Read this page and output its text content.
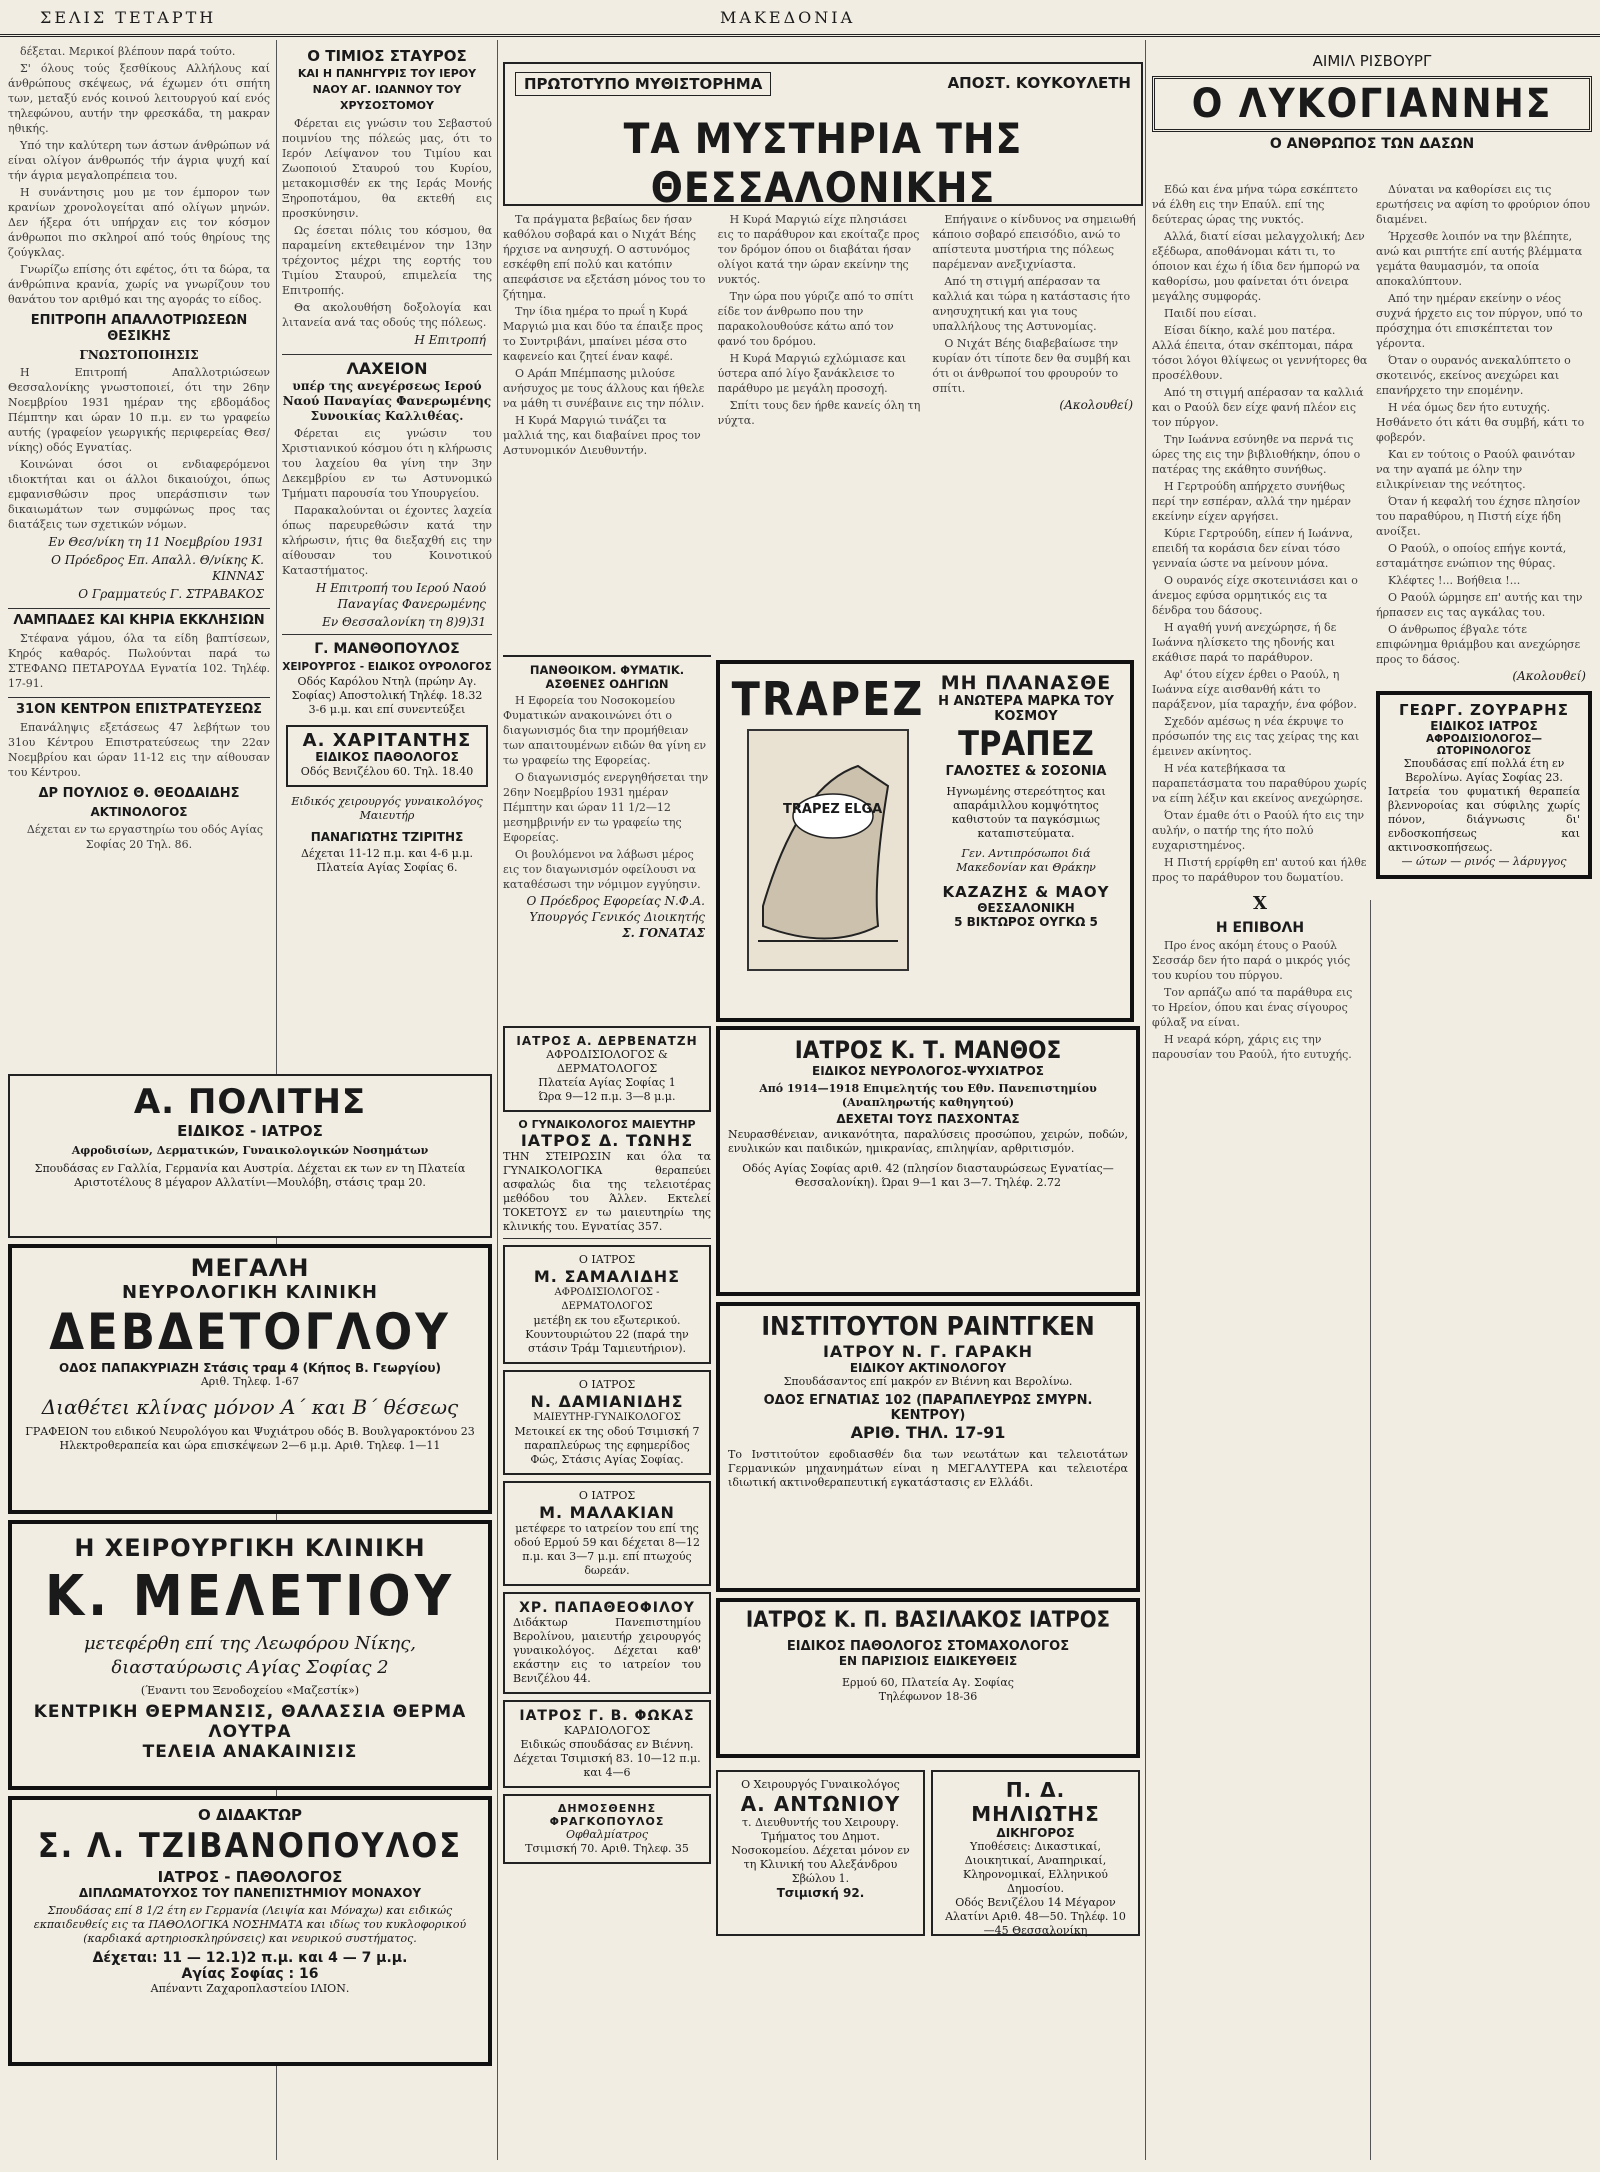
ΣΕΛΙΣ ΤΕΤΑΡΤΗ	ΜΑΚΕΔΟΝΙΑ

δέξεται. Μερικοί βλέπουν παρά τούτο.

Σ' όλους τούς ξεσθίκους Αλλήλους καί άνθρώπους σκέψεως, νά έχωμεν ότι σπήτη των, μεταξύ ενός κοινού λειτουργού καί ενός τηλεφώνου, αυτήν την φρεσκάδα, τη μακραν ηθικής.

Υπό την καλύτερη των άστων άνθρώπων νά είναι ολίγον άνθρωπός τήν άγρια ψυχή καί τήν άγρια μεγαλοπρέπεια του.

Η συνάντησις μου με τον έμπορον των κρανίων χρονολογείται από ολίγων μηνών. Δεν ήξερα ότι υπήρχαν εις τον κόσμον άνθρωποι πιο σκληροί από τούς θηρίους της ζούγκλας.

Γνωρίζω επίσης ότι εφέτος, ότι τα δώρα, τα άνθρώπινα κρανία, χωρίς να γνωρίζουν του θανάτου τον αριθμό και της αγοράς το είδος.

ΕΠΙΤΡΟΠΗ ΑΠΑΛΛΟΤΡΙΩΣΕΩΝ ΘΕΣΙΚΗΣ
ΓΝΩΣΤΟΠΟΙΗΣΙΣ

Η Επιτροπή Απαλλοτριώσεων Θεσσαλονίκης γνωστοποιεί, ότι την 26ην Νοεμβρίου 1931 ημέραν της εβδομάδος Πέμπτην και ώραν 10 π.μ. εν τω γραφείω αυτής (γραφείον γεωργικής περιφερείας Θεσ/νίκης) οδός Εγνατίας.

Κοινώναι όσοι οι ενδιαφερόμενοι ιδιοκτήται και οι άλλοι δικαιούχοι, όπως εμφανισθώσιν προς υπεράσπισιν των δικαιωμάτων των συμφώνως προς τας διατάξεις των σχετικών νόμων.

Εν Θεσ/νίκη τη 11 Νοεμβρίου 1931
Ο Πρόεδρος Επ. Απαλλ. Θ/νίκης Κ. ΚΙΝΝΑΣ
Ο Γραμματεύς Γ. ΣΤΡΑΒΑΚΟΣ
ΛΑΜΠΑΔΕΣ ΚΑΙ ΚΗΡΙΑ ΕΚΚΛΗΣΙΩΝ

Στέφανα γάμου, όλα τα είδη βαπτίσεων, Κηρός καθαρός. Πωλούνται παρά τω ΣΤΕΦΑΝΩ ΠΕΤΑΡΟΥΔΑ Εγνατία 102. Τηλέφ. 17-91.

31ΟΝ ΚΕΝΤΡΟΝ ΕΠΙΣΤΡΑΤΕΥΣΕΩΣ

Επανάληψις εξετάσεως 47 λεβήτων του 31ου Κέντρου Επιστρατεύσεως την 22αν Νοεμβρίου και ώραν 11-12 εις την αίθουσαν του Κέντρου.

ΔΡ ΠΟΥΛΙΟΣ Θ. ΘΕΟΔΑΙΔΗΣ
ΑΚΤΙΝΟΛΟΓΟΣ

Δέχεται εν τω εργαστηρίω του οδός Αγίας Σοφίας 20 Τηλ. 86.

Ο ΤΙΜΙΟΣ ΣΤΑΥΡΟΣ
ΚΑΙ Η ΠΑΝΗΓΥΡΙΣ ΤΟΥ ΙΕΡΟΥ ΝΑΟΥ ΑΓ. ΙΩΑΝΝΟΥ ΤΟΥ ΧΡΥΣΟΣΤΟΜΟΥ

Φέρεται εις γνώσιν του Σεβαστού ποιμνίου της πόλεώς μας, ότι το Ιερόν Λείψανον του Τιμίου και Ζωοποιού Σταυρού του Κυρίου, μετακομισθέν εκ της Ιεράς Μονής Ξηροποτάμου, θα εκτεθή εις προσκύνησιν.

Ως έσεται πόλις του κόσμου, θα παραμείνη εκτεθειμένον την 13ην τρέχοντος μέχρι της εορτής του Τιμίου Σταυρού, επιμελεία της Επιτροπής.

Θα ακολουθήση δοξολογία και λιτανεία ανά τας οδούς της πόλεως.

Η Επιτροπή
ΛΑΧΕΙΟΝ
υπέρ της ανεγέρσεως Ιερού Ναού Παναγίας Φανερωμένης Συνοικίας Καλλιθέας.

Φέρεται εις γνώσιν του Χριστιανικού κόσμου ότι η κλήρωσις του λαχείου θα γίνη την 3ην Δεκεμβρίου εν τω Αστυνομικώ Τμήματι παρουσία του Υπουργείου.

Παρακαλούνται οι έχοντες λαχεία όπως παρευρεθώσιν κατά την κλήρωσιν, ήτις θα διεξαχθή εις την αίθουσαν του Κοινοτικού Καταστήματος.

Η Επιτροπή του Ιερού Ναού Παναγίας Φανερωμένης
Εν Θεσσαλονίκη τη 8)9)31
Γ. ΜΑΝΘΟΠΟΥΛΟΣ
ΧΕΙΡΟΥΡΓΟΣ - ΕΙΔΙΚΟΣ ΟΥΡΟΛΟΓΟΣ
Οδός Καρόλου Ντηλ (πρώην Αγ. Σοφίας) Αποστολική Τηλέφ. 18.32
3-6 μ.μ. και επί συνεντεύξει
Α. ΧΑΡΙΤΑΝΤΗΣ
ΕΙΔΙΚΟΣ ΠΑΘΟΛΟΓΟΣ
Οδός Βενιζέλου 60. Τηλ. 18.40
Ειδικός χειρουργός γυναικολόγος Μαιευτήρ
ΠΑΝΑΓΙΩΤΗΣ ΤΖΙΡΙΤΗΣ
Δέχεται 11-12 π.μ. και 4-6 μ.μ. Πλατεία Αγίας Σοφίας 6.
Α. ΠΟΛΙΤΗΣ
ΕΙΔΙΚΟΣ - ΙΑΤΡΟΣ
Αφροδισίων, Δερματικών, Γυναικολογικών Νοσημάτων
Σπουδάσας εν Γαλλία, Γερμανία και Αυστρία. Δέχεται εκ των εν τη Πλατεία Αριστοτέλους 8 μέγαρον Αλλατίνι—Μουλόβη, στάσις τραμ 20.
ΜΕΓΑΛΗ
ΝΕΥΡΟΛΟΓΙΚΗ ΚΛΙΝΙΚΗ
ΔΕΒΔΕΤΟΓΛΟΥ
ΟΔΟΣ ΠΑΠΑΚΥΡΙΑΖΗ Στάσις τραμ 4 (Κήπος Β. Γεωργίου)
Αριθ. Τηλεφ. 1-67
Διαθέτει κλίνας μόνον Α΄ και Β΄ θέσεως
ΓΡΑΦΕΙΟΝ του ειδικού Νευρολόγου και Ψυχιάτρου οδός Β. Βουλγαροκτόνου 23
Ηλεκτροθεραπεία και ώρα επισκέψεων 2—6 μ.μ. Αριθ. Τηλεφ. 1—11
Η ΧΕΙΡΟΥΡΓΙΚΗ ΚΛΙΝΙΚΗ
Κ. ΜΕΛΕΤΙΟΥ
μετεφέρθη επί της Λεωφόρου Νίκης, διασταύρωσις Αγίας Σοφίας 2
(Έναντι του Ξενοδοχείου «Μαζεστίκ»)
ΚΕΝΤΡΙΚΗ ΘΕΡΜΑΝΣΙΣ, ΘΑΛΑΣΣΙΑ ΘΕΡΜΑ ΛΟΥΤΡΑ
ΤΕΛΕΙΑ ΑΝΑΚΑΙΝΙΣΙΣ
Ο ΔΙΔΑΚΤΩΡ
Σ. Λ. ΤΖΙΒΑΝΟΠΟΥΛΟΣ
ΙΑΤΡΟΣ - ΠΑΘΟΛΟΓΟΣ
ΔΙΠΛΩΜΑΤΟΥΧΟΣ ΤΟΥ ΠΑΝΕΠΙΣΤΗΜΙΟΥ ΜΟΝΑΧΟΥ
Σπουδάσας επί 8 1/2 έτη εν Γερμανία (Λειψία και Μόναχω) και ειδικώς εκπαιδευθείς εις τα ΠΑΘΟΛΟΓΙΚΑ ΝΟΣΗΜΑΤΑ και ιδίως του κυκλοφορικού (καρδιακά αρτηριοσκληρύνσεις) και νευρικού συστήματος.
Δέχεται: 11 — 12.1)2 π.μ. και 4 — 7 μ.μ.
Αγίας Σοφίας : 16
Απέναντι Ζαχαροπλαστείου ΙΛΙΟΝ.
ΠΡΩΤΟΤΥΠΟ ΜΥΘΙΣΤΟΡΗΜΑ	ΑΠΟΣΤ. ΚΟΥΚΟΥΛΕΤΗ
ΤΑ ΜΥΣΤΗΡΙΑ ΤΗΣ ΘΕΣΣΑΛΟΝΙΚΗΣ

Τα πράγματα βεβαίως δεν ήσαν καθόλου σοβαρά και ο Νιχάτ Βέης ήρχισε να ανησυχή. Ο αστυνόμος εσκέφθη επί πολύ και κατόπιν απεφάσισε να εξετάση μόνος του το ζήτημα.

Την ίδια ημέρα το πρωΐ η Κυρά Μαργιώ μια και δύο τα έπαιξε προς το Συντριβάνι, μπαίνει μέσα στο καφενείο και ζητεί έναν καφέ.

Ο Αράπ Μπέμπασης μιλούσε ανήσυχος με τους άλλους και ήθελε να μάθη τι συνέβαινε εις την πόλιν.

Η Κυρά Μαργιώ τινάζει τα μαλλιά της, και διαβαίνει προς τον Αστυνομικόν Διευθυντήν.

Η Κυρά Μαργιώ είχε πλησιάσει εις το παράθυρον και εκοίταζε προς τον δρόμον όπου οι διαβάται ήσαν ολίγοι κατά την ώραν εκείνην της νυκτός.

Την ώρα που γύριζε από το σπίτι είδε τον άνθρωπο που την παρακολουθούσε κάτω από τον φανό του δρόμου.

Η Κυρά Μαργιώ εχλώμιασε και ύστερα από λίγο ξανάκλεισε το παράθυρο με μεγάλη προσοχή.

Σπίτι τους δεν ήρθε κανείς όλη τη νύχτα.

Επήγαινε ο κίνδυνος να σημειωθή κάποιο σοβαρό επεισόδιο, ανώ το απίστευτα μυστήρια της πόλεως παρέμεναν ανεξιχνίαστα.

Από τη στιγμή απέρασαν τα καλλιά και τώρα η κατάστασις ήτο ανησυχητική και για τους υπαλλήλους της Αστυνομίας.

Ο Νιχάτ Βέης διαβεβαίωσε την κυρίαν ότι τίποτε δεν θα συμβή και ότι οι άνθρωποί του φρουρούν το σπίτι.

(Ακολουθεί)
ΠΑΝΘΟΙΚΟΜ. ΦΥΜΑΤΙΚ. ΑΣΘΕΝΕΣ ΟΔΗΓΙΩΝ

Η Εφορεία του Νοσοκομείου Φυματικών ανακοινώνει ότι ο διαγωνισμός δια την προμήθειαν των απαιτουμένων ειδών θα γίνη εν τω γραφείω της Εφορείας.

Ο διαγωνισμός ενεργηθήσεται την 26ην Νοεμβρίου 1931 ημέραν Πέμπτην και ώραν 11 1/2—12 μεσημβρινήν εν τω γραφείω της Εφορείας.

Οι βουλόμενοι να λάβωσι μέρος εις τον διαγωνισμόν οφείλουσι να καταθέσωσι την νόμιμον εγγύησιν.

Ο Πρόεδρος Εφορείας Ν.Φ.Α.
Υπουργός Γενικός Διοικητής
Σ. ΓΟΝΑΤΑΣ
TRAPEZ
TRAPEZ ELGA
ΜΗ ΠΛΑΝΑΣΘΕ
Η ΑΝΩΤΕΡΑ ΜΑΡΚΑ ΤΟΥ ΚΟΣΜΟΥ
ΤΡΑΠΕΖ
ΓΑΛΟΣΤΕΣ & ΣΟΣΟΝΙΑ
Ηγνωμένης στερεότητος και απαράμιλλου κομψότητος καθιστούν τα παγκόσμιως καταπιστεύματα.
Γεν. Αντιπρόσωποι διά Μακεδονίαν και Θράκην
ΚΑΖΑΖΗΣ & ΜΑΟΥ
ΘΕΣΣΑΛΟΝΙΚΗ
5 ΒΙΚΤΩΡΟΣ ΟΥΓΚΩ 5
ΙΑΤΡΟΣ Α. ΔΕΡΒΕΝΑΤΖΗ
ΑΦΡΟΔΙΣΙΟΛΟΓΟΣ & ΔΕΡΜΑΤΟΛΟΓΟΣ
Πλατεία Αγίας Σοφίας 1
Ώρα 9—12 π.μ. 3—8 μ.μ.
Ο ΓΥΝΑΙΚΟΛΟΓΟΣ ΜΑΙΕΥΤΗΡ
ΙΑΤΡΟΣ Δ. ΤΩΝΗΣ
ΤΗΝ ΣΤΕΙΡΩΣΙΝ και όλα τα ΓΥΝΑΙΚΟΛΟΓΙΚΑ θεραπεύει ασφαλώς δια της τελειοτέρας μεθόδου του Άλλεν. Εκτελεί ΤΟΚΕΤΟΥΣ εν τω μαιευτηρίω της κλινικής του. Εγνατίας 357.
Ο ΙΑΤΡΟΣ
Μ. ΣΑΜΑΛΙΔΗΣ
ΑΦΡΟΔΙΣΙΟΛΟΓΟΣ - ΔΕΡΜΑΤΟΛΟΓΟΣ
μετέβη εκ του εξωτερικού. Κουντουριώτου 22 (παρά την στάσιν Τράμ Ταμιευτήριον).
Ο ΙΑΤΡΟΣ
Ν. ΔΑΜΙΑΝΙΔΗΣ
ΜΑΙΕΥΤΗΡ-ΓΥΝΑΙΚΟΛΟΓΟΣ
Μετοικεί εκ της οδού Τσιμισκή 7 παραπλεύρως της εφημερίδος Φώς, Στάσις Αγίας Σοφίας.
Ο ΙΑΤΡΟΣ
Μ. ΜΑΛΑΚΙΑΝ
μετέφερε το ιατρείον του επί της οδού Ερμού 59 και δέχεται 8—12 π.μ. και 3—7 μ.μ. επί πτωχούς δωρεάν.
ΧΡ. ΠΑΠΑΘΕΟΦΙΛΟΥ
Διδάκτωρ Πανεπιστημίου Βερολίνου, μαιευτήρ χειρουργός γυναικολόγος. Δέχεται καθ' εκάστην εις το ιατρείον του Βενιζέλου 44.
ΙΑΤΡΟΣ Γ. Β. ΦΩΚΑΣ
ΚΑΡΔΙΟΛΟΓΟΣ
Ειδικώς σπουδάσας εν Βιέννη. Δέχεται Τσιμισκή 83. 10—12 π.μ. και 4—6
ΔΗΜΟΣΘΕΝΗΣ ΦΡΑΓΚΟΠΟΥΛΟΣ
Οφθαλμίατρος
Τσιμισκή 70. Αριθ. Τηλεφ. 35
ΙΑΤΡΟΣ Κ. Τ. ΜΑΝΘΟΣ
ΕΙΔΙΚΟΣ ΝΕΥΡΟΛΟΓΟΣ-ΨΥΧΙΑΤΡΟΣ
Από 1914—1918 Επιμελητής του Εθν. Πανεπιστημίου (Αναπληρωτής καθηγητού)
ΔΕΧΕΤΑΙ ΤΟΥΣ ΠΑΣΧΟΝΤΑΣ
Νευρασθένειαν, ανικανότητα, παραλύσεις προσώπου, χειρών, ποδών, ενυλικών και παιδικών, ημικρανίας, επιληψίαν, αρθριτισμόν.
Οδός Αγίας Σοφίας αριθ. 42 (πλησίον διασταυρώσεως Εγνατίας—Θεσσαλονίκη). Ώραι 9—1 και 3—7. Τηλέφ. 2.72
ΙΝΣΤΙΤΟΥΤΟΝ ΡΑΙΝΤΓΚΕΝ
ΙΑΤΡΟΥ Ν. Γ. ΓΑΡΑΚΗ
ΕΙΔΙΚΟΥ ΑΚΤΙΝΟΛΟΓΟΥ
Σπουδάσαντος επί μακρόν εν Βιέννη και Βερολίνω.
ΟΔΟΣ ΕΓΝΑΤΙΑΣ 102 (ΠΑΡΑΠΛΕΥΡΩΣ ΣΜΥΡΝ. ΚΕΝΤΡΟΥ)
ΑΡΙΘ. ΤΗΛ. 17-91
Το Ινστιτούτον εφοδιασθέν δια των νεωτάτων και τελειοτάτων Γερμανικών μηχανημάτων είναι η ΜΕΓΑΛΥΤΕΡΑ και τελειοτέρα ιδιωτική ακτινοθεραπευτική εγκατάστασις εν Ελλάδι.
ΙΑΤΡΟΣ Κ. Π. ΒΑΣΙΛΑΚΟΣ ΙΑΤΡΟΣ
ΕΙΔΙΚΟΣ ΠΑΘΟΛΟΓΟΣ ΣΤΟΜΑΧΟΛΟΓΟΣ
ΕΝ ΠΑΡΙΣΙΟΙΣ ΕΙΔΙΚΕΥΘΕΙΣ
Ερμού 60, Πλατεία Αγ. Σοφίας
Τηλέφωνον 18-36
Ο Χειρουργός Γυναικολόγος
Α. ΑΝΤΩΝΙΟΥ
τ. Διευθυντής του Χειρουργ. Τμήματος του Δημοτ. Νοσοκομείου. Δέχεται μόνον εν τη Κλινική του Αλεξάνδρου Σβώλου 1.
Τσιμισκή 92.
Π. Δ. ΜΗΛΙΩΤΗΣ
ΔΙΚΗΓΟΡΟΣ
Υποθέσεις: Δικαστικαί, Διοικητικαί, Αναπηρικαί, Κληρονομικαί, Ελληνικού Δημοσίου.
Οδός Βενιζέλου 14 Μέγαρον Αλατίνι Αριθ. 48—50. Τηλέφ. 10—45 Θεσσαλονίκη
ΑΙΜΙΛ ΡΙΣΒΟΥΡΓ
Ο ΛΥΚΟΓΙΑΝΝΗΣ
Ο ΑΝΘΡΩΠΟΣ ΤΩΝ ΔΑΣΩΝ

Εδώ και ένα μήνα τώρα εσκέπτετο νά έλθη εις την Επαύλ. επί της δεύτερας ώρας της νυκτός.

Αλλά, διατί είσαι μελαγχολική; Δεν εξέδωρα, αποθάνομαι κάτι τι, το όποιον και έχω ή ίδια δεν ήμπορώ να καθορίσω, μου φαίνεται ότι όνειρα μεγάλης συμφοράς.

Παιδί που είσαι.

Είσαι δίκηο, καλέ μου πατέρα. Αλλά έπειτα, όταν σκέπτομαι, πάρα τόσοι λόγοι θλίψεως οι γεννήτορες θα προσέλθουν.

Από τη στιγμή απέρασαν τα καλλιά και ο Ραούλ δεν είχε φανή πλέον εις τον πύργον.

Την Ιωάννα εσύνηθε να περνά τις ώρες της εις την βιβλιοθήκην, όπου ο πατέρας της εκάθητο συνήθως.

Η Γερτρούδη απήρχετο συνήθως περί την εσπέραν, αλλά την ημέραν εκείνην είχεν αργήσει.

Κύριε Γερτρούδη, είπεν ή Ιωάννα, επειδή τα κοράσια δεν είναι τόσο γενναία ώστε να μείνουν μόνα.

Ο ουρανός είχε σκοτεινιάσει και ο άνεμος εφύσα ορμητικός εις τα δένδρα του δάσους.

Η αγαθή γυνή ανεχώρησε, ή δε Ιωάννα ηλίσκετο της ηδονής και εκάθισε παρά το παράθυρον.

Αφ' ότου είχεν έρθει ο Ραούλ, η Ιωάννα είχε αισθανθή κάτι το παράξενον, μία ταραχήν, ένα φόβον.

Σχεδόν αμέσως η νέα έκρυψε το πρόσωπόν της εις τας χείρας της και έμεινεν ακίνητος.

Η νέα κατεβήκασα τα παραπετάσματα του παραθύρου χωρίς να είπη λέξιν και εκείνος ανεχώρησε.

Όταν έμαθε ότι ο Ραούλ ήτο εις την αυλήν, ο πατήρ της ήτο πολύ ευχαριστημένος.

Η Πιστή ερρίφθη επ' αυτού και ήλθε προς το παράθυρον του δωματίου.

X
Η ΕΠΙΒΟΛΗ

Προ ένος ακόμη έτους ο Ραούλ Σεσσάρ δεν ήτο παρά ο μικρός γιός του κυρίου του πύργου.

Τον αρπάζω από τα παράθυρα εις το Ηρείον, όπου και ένας σίγουρος φύλαξ να είναι.

Η νεαρά κόρη, χάρις εις την παρουσίαν του Ραούλ, ήτο ευτυχής.

Δύναται να καθορίσει εις τις ερωτήσεις να αφίση το φρούριον όπου διαμένει.

Ήρχεσθε λοιπόν να την βλέπητε, ανώ και ριπτήτε επί αυτής βλέμματα γεμάτα θαυμασμόν, τα οποία αποκαλύπτουν.

Από την ημέραν εκείνην ο νέος συχνά ήρχετο εις τον πύργον, υπό το πρόσχημα ότι επισκέπτεται τον γέροντα.

Όταν ο ουρανός ανεκαλύπτετο ο σκοτεινός, εκείνος ανεχώρει και επανήρχετο την επομένην.

Η νέα όμως δεν ήτο ευτυχής. Ησθάνετο ότι κάτι θα συμβή, κάτι το φοβερόν.

Και εν τούτοις ο Ραούλ φαινόταν να την αγαπά με όλην την ειλικρίνειαν της νεότητος.

Όταν ή κεφαλή του έχησε πλησίον του παραθύρου, η Πιστή είχε ήδη ανοίξει.

Ο Ραούλ, ο οποίος επήγε κοντά, εσταμάτησε ενώπιον της θύρας.

Κλέφτες !... Βοήθεια !...

Ο Ραούλ ώρμησε επ' αυτής και την ήρπασεν εις τας αγκάλας του.

Ο άνθρωπος έβγαλε τότε επιφώνημα θριάμβου και ανεχώρησε προς το δάσος.

(Ακολουθεί)
ΓΕΩΡΓ. ΖΟΥΡΑΡΗΣ
ΕΙΔΙΚΟΣ ΙΑΤΡΟΣ
ΑΦΡΟΔΙΣΙΟΛΟΓΟΣ—ΩΤΟΡΙΝΟΛΟΓΟΣ
Σπουδάσας επί πολλά έτη εν Βερολίνω. Αγίας Σοφίας 23.
Ιατρεία του φυματική θεραπεία βλεννοροίας και σύφιλης χωρίς πόνον, διάγνωσις δι' ενδοσκοπήσεως και ακτινοσκοπήσεως.
— ώτων — ρινός — λάρυγγος
